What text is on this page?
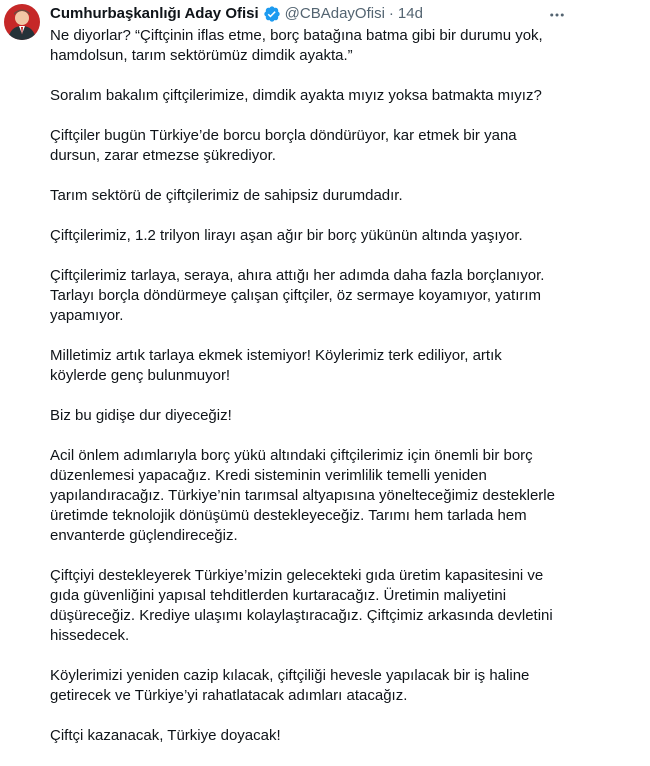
Cumhurbaşkanlığı Aday Ofisi @CBAdayOfisi · 14d

Ne diyorlar? “Çiftçinin iflas etme, borç batağına batma gibi bir durumu yok,
hamdolsun, tarım sektörümüz dimdik ayakta.”

Soralım bakalım çiftçilerimize, dimdik ayakta mıyız yoksa batmakta mıyız?

Çiftçiler bugün Türkiye’de borcu borçla döndürüyor, kar etmek bir yana
dursun, zarar etmezse şükrediyor.

Tarım sektörü de çiftçilerimiz de sahipsiz durumdadır.

Çiftçilerimiz, 1.2 trilyon lirayı aşan ağır bir borç yükünün altında yaşıyor.

Çiftçilerimiz tarlaya, seraya, ahıra attığı her adımda daha fazla borçlanıyor.
Tarlayı borçla döndürmeye çalışan çiftçiler, öz sermaye koyamıyor, yatırım
yapamıyor.

Milletimiz artık tarlaya ekmek istemiyor! Köylerimiz terk ediliyor, artık
köylerde genç bulunmuyor!

Biz bu gidişe dur diyeceğiz!

Acil önlem adımlarıyla borç yükü altındaki çiftçilerimiz için önemli bir borç
düzenlemesi yapacağız. Kredi sisteminin verimlilik temelli yeniden
yapılandıracağız. Türkiye’nin tarımsal altyapısına yönelteceğimiz desteklerle
üretimde teknolojik dönüşümü destekleyeceğiz. Tarımı hem tarlada hem
envanterde güçlendireceğiz.

Çiftçiyi destekleyerek Türkiye’mizin gelecekteki gıda üretim kapasitesini ve
gıda güvenliğini yapısal tehditlerden kurtaracağız. Üretimin maliyetini
düşüreceğiz. Krediye ulaşımı kolaylaştıracağız. Çiftçimiz arkasında devletini
hissedecek.

Köylerimizi yeniden cazip kılacak, çiftçiliği hevesle yapılacak bir iş haline
getirecek ve Türkiye’yi rahatlatacak adımları atacağız.

Çiftçi kazanacak, Türkiye doyacak!
